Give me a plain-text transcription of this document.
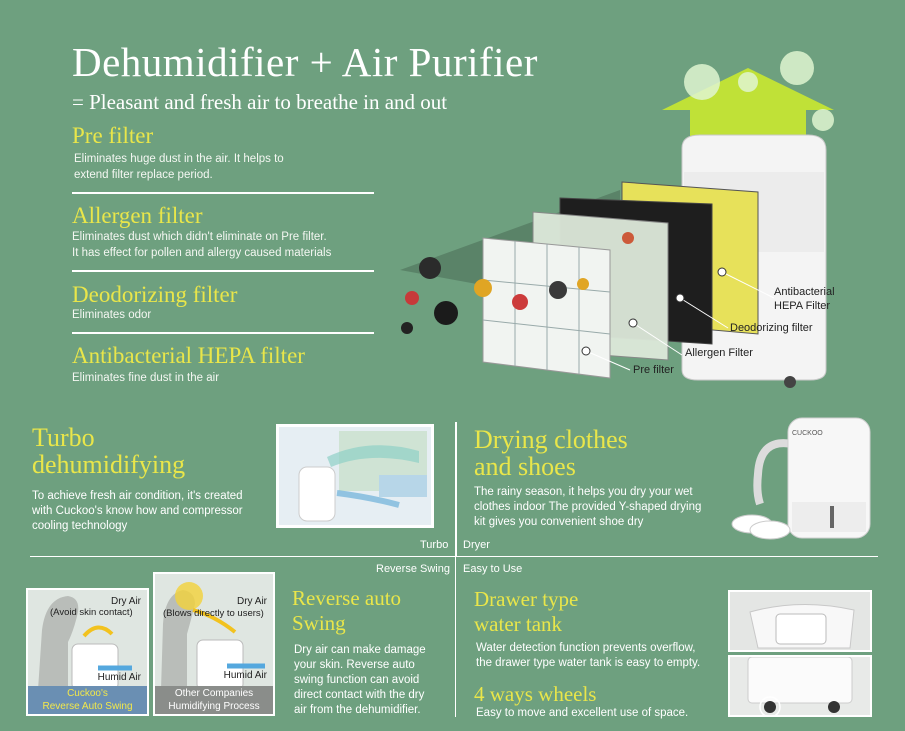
Dehumidifier + Air Purifier
= Pleasant and fresh air to breathe in and out
Pre filter
Eliminates huge dust in the air. It helps to
extend filter replace period.
Allergen filter
Eliminates dust which didn't eliminate on Pre filter.
It has effect for pollen and allergy caused materials
Deodorizing filter
Eliminates odor
Antibacterial HEPA filter
Eliminates fine dust in the air
Antibacterial
HEPA Filter
Deodorizing filter
Allergen Filter
Pre filter
Turbo
dehumidifying
To achieve fresh air condition, it's created
with Cuckoo's know how and compressor
cooling technology
Drying clothes
and shoes
The rainy season, it helps you dry your wet
clothes indoor The provided Y-shaped drying
kit gives you convenient shoe dry
CUCKOO
Turbo Dryer
Reverse Swing Easy to Use
Dry Air
(Avoid skin contact)
Humid Air
Cuckoo's
Reverse Auto Swing
Dry Air
(Blows directly to users)
Humid Air
Other Companies
Humidifying Process
Reverse auto
Swing
Dry air can make damage
your skin. Reverse auto
swing function can avoid
direct contact with the dry
air from the dehumidifier.
Drawer type
water tank
Water detection function prevents overflow,
the drawer type water tank is easy to empty.
4 ways wheels
Easy to move and excellent use of space.
